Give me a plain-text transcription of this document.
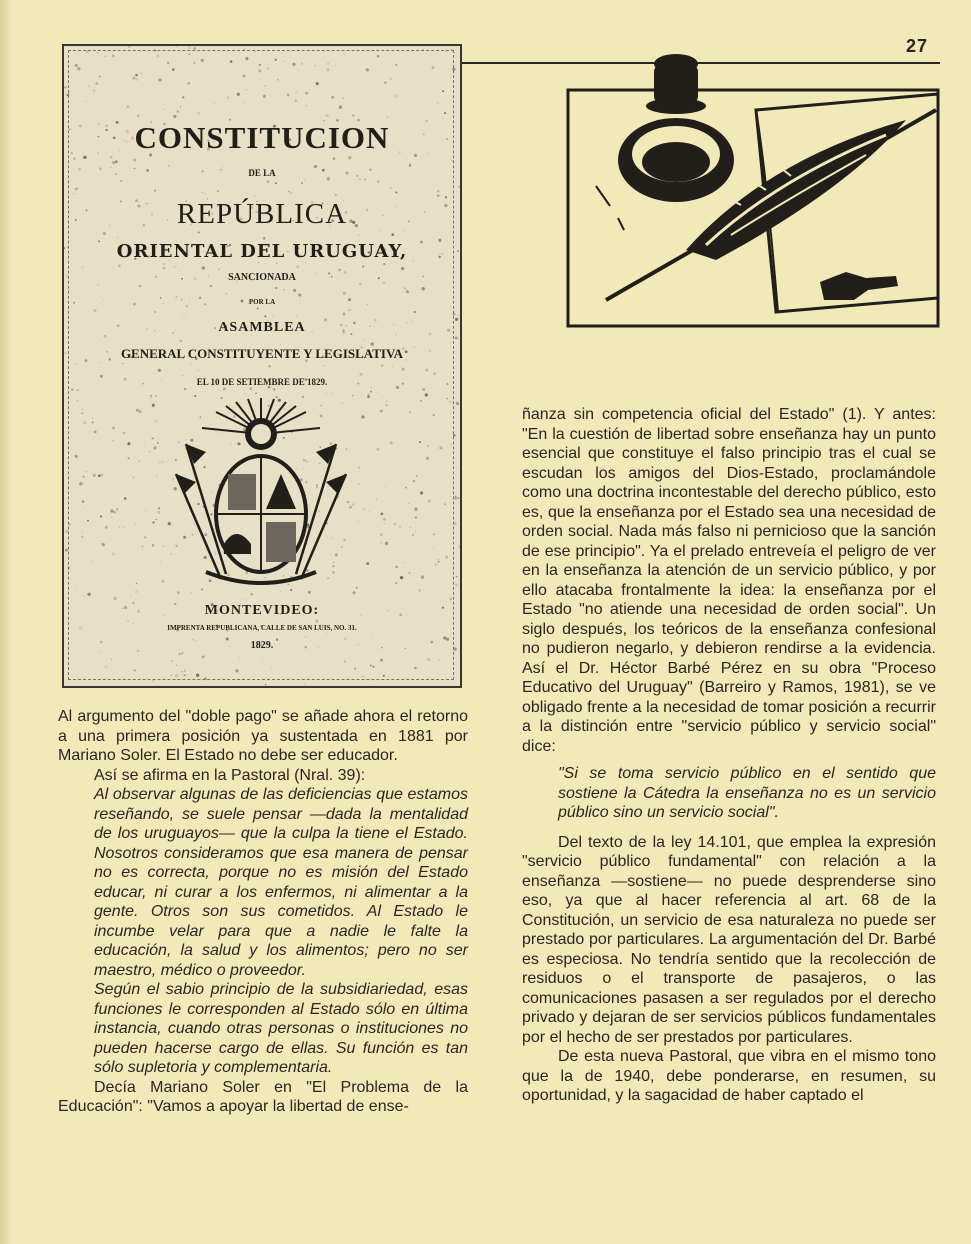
27
CONSTITUCION
DE LA
REPÚBLICA
ORIENTAL DEL URUGUAY,
SANCIONADA
POR LA
ASAMBLEA
GENERAL CONSTITUYENTE Y LEGISLATIVA
EL 10 DE SETIEMBRE DE 1829.
MONTEVIDEO:
IMPRENTA REPUBLICANA, CALLE DE SAN LUIS, NO. 31.
1829.

Al argumento del "doble pago" se añade ahora el retorno a una primera posición ya sustentada en 1881 por Mariano Soler. El Estado no debe ser educador.

Así se afirma en la Pastoral (Nral. 39):

Al observar algunas de las deficiencias que estamos reseñando, se suele pensar —dada la mentalidad de los uruguayos— que la culpa la tiene el Estado. Nosotros consideramos que esa manera de pensar no es correcta, porque no es misión del Estado educar, ni curar a los enfermos, ni alimentar a la gente. Otros son sus cometidos. Al Estado le incumbe velar para que a nadie le falte la educación, la salud y los alimentos; pero no ser maestro, médico o proveedor.

Según el sabio principio de la subsidiariedad, esas funciones le corresponden al Estado sólo en última instancia, cuando otras personas o instituciones no pueden hacerse cargo de ellas. Su función es tan sólo supletoria y complementaria.

Decía Mariano Soler en "El Problema de la Educación": "Vamos a apoyar la libertad de ense-

ñanza sin competencia oficial del Estado" (1). Y antes: "En la cuestión de libertad sobre enseñanza hay un punto esencial que constituye el falso principio tras el cual se escudan los amigos del Dios-Estado, proclamándole como una doctrina incontestable del derecho público, esto es, que la enseñanza por el Estado sea una necesidad de orden social. Nada más falso ni pernicioso que la sanción de ese principio". Ya el prelado entreveía el peligro de ver en la enseñanza la atención de un servicio público, y por ello atacaba frontalmente la idea: la enseñanza por el Estado "no atiende una necesidad de orden social". Un siglo después, los teóricos de la enseñanza confesional no pudieron negarlo, y debieron rendirse a la evidencia. Así el Dr. Héctor Barbé Pérez en su obra "Proceso Educativo del Uruguay" (Barreiro y Ramos, 1981), se ve obligado frente a la necesidad de tomar posición a recurrir a la distinción entre "servicio público y servicio social" dice:

"Si se toma servicio público en el sentido que sostiene la Cátedra la enseñanza no es un servicio público sino un servicio social".

Del texto de la ley 14.101, que emplea la expresión "servicio público fundamental" con relación a la enseñanza —sostiene— no puede desprenderse sino eso, ya que al hacer referencia al art. 68 de la Constitución, un servicio de esa naturaleza no puede ser prestado por particulares. La argumentación del Dr. Barbé es especiosa. No tendría sentido que la recolección de residuos o el transporte de pasajeros, o las comunicaciones pasasen a ser regulados por el derecho privado y dejaran de ser servicios públicos fundamentales por el hecho de ser prestados por particulares.

De esta nueva Pastoral, que vibra en el mismo tono que la de 1940, debe ponderarse, en resumen, su oportunidad, y la sagacidad de haber captado el
